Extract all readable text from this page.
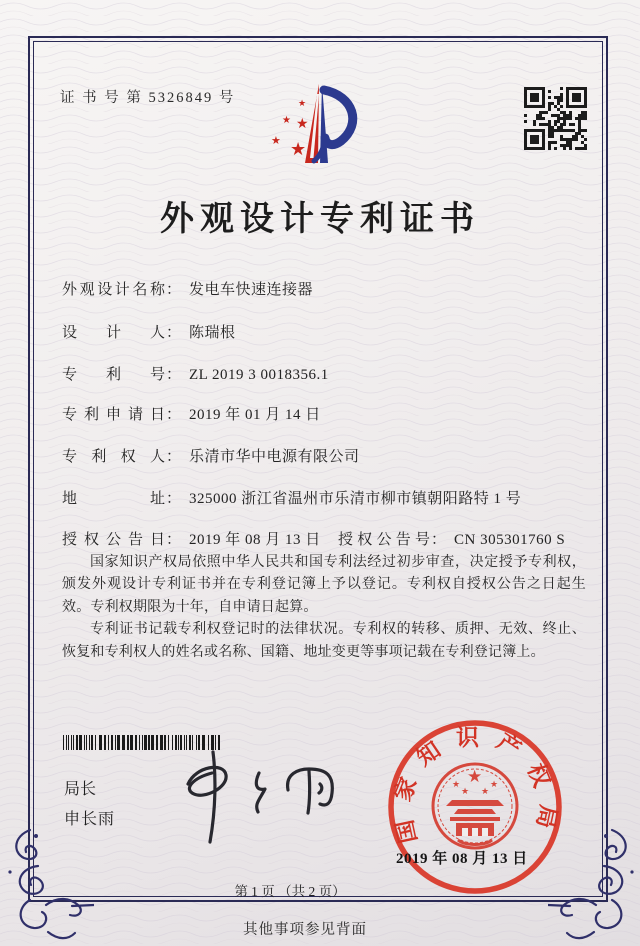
证 书 号 第 5326849 号	★
★ ★
★ ★
外观设计专利证书
外观设计名称： 发电车快速连接器
设计人： 陈瑞根
专利号： ZL 2019 3 0018356.1
专利申请日： 2019 年 01 月 14 日
专利权人： 乐清市华中电源有限公司
地址： 325000 浙江省温州市乐清市柳市镇朝阳路特 1 号
授权公告日： 2019 年 08 月 13 日 授权公告号： CN 305301760 S

国家知识产权局依照中华人民共和国专利法经过初步审查，决定授予专利权，颁发外观设计专利证书并在专利登记簿上予以登记。专利权自授权公告之日起生效。专利权期限为十年，自申请日起算。

专利证书记载专利权登记时的法律状况。专利权的转移、质押、无效、终止、恢复和专利权人的姓名或名称、国籍、地址变更等事项记载在专利登记簿上。

局长
申长雨	国家知识产权局
★
★
★ ★
★
2019 年 08 月 13 日
第 1 页 （共 2 页）
其他事项参见背面
